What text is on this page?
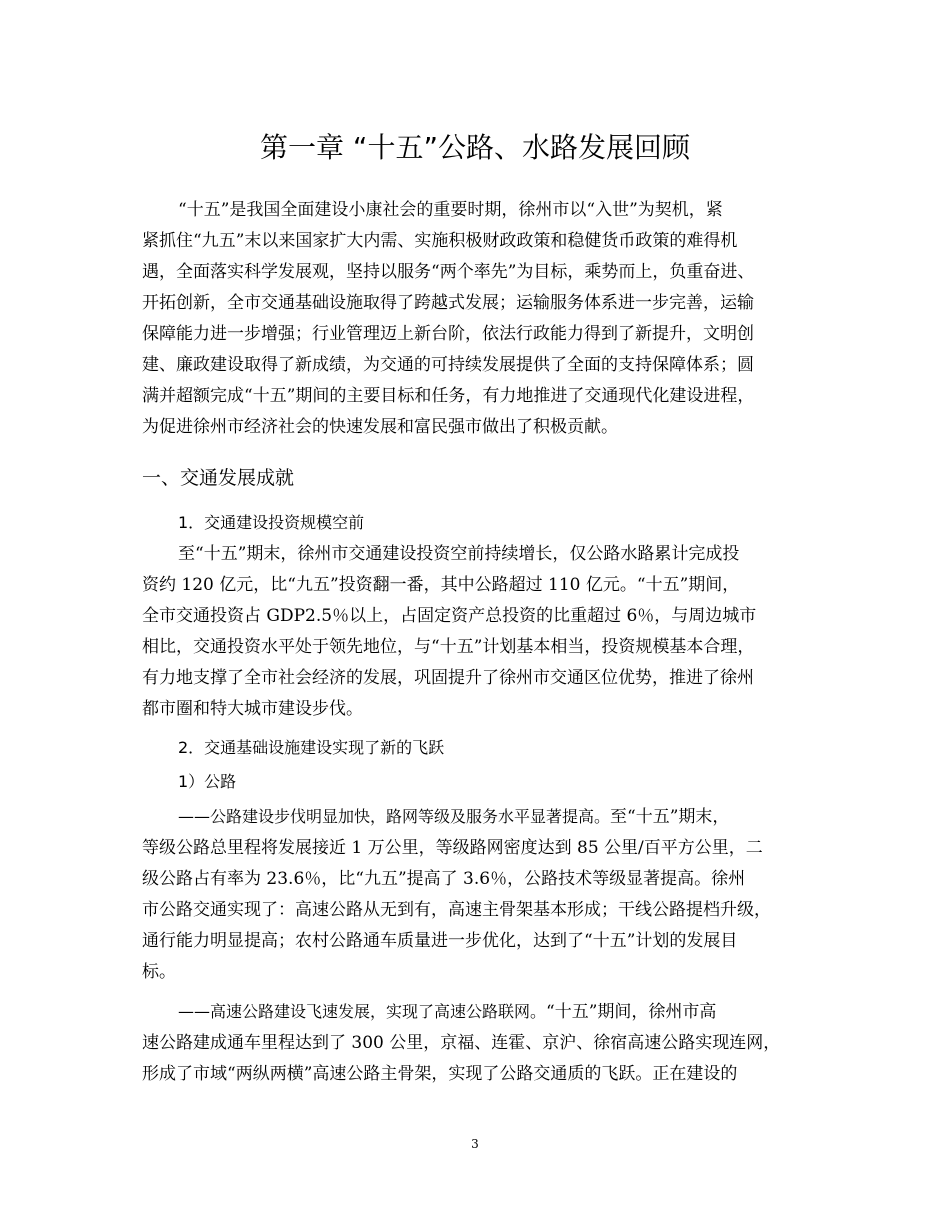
第一章 “十五”公路、水路发展回顾
“十五”是我国全面建设小康社会的重要时期，徐州市以“入世”为契机，紧
紧抓住“九五”末以来国家扩大内需、实施积极财政政策和稳健货币政策的难得机
遇，全面落实科学发展观，坚持以服务“两个率先”为目标，乘势而上，负重奋进、
开拓创新，全市交通基础设施取得了跨越式发展；运输服务体系进一步完善，运输
保障能力进一步增强；行业管理迈上新台阶，依法行政能力得到了新提升，文明创
建、廉政建设取得了新成绩，为交通的可持续发展提供了全面的支持保障体系；圆
满并超额完成“十五”期间的主要目标和任务，有力地推进了交通现代化建设进程，
为促进徐州市经济社会的快速发展和富民强市做出了积极贡献。
一、交通发展成就
1．交通建设投资规模空前
至“十五”期末，徐州市交通建设投资空前持续增长，仅公路水路累计完成投
资约 120 亿元，比“九五”投资翻一番，其中公路超过 110 亿元。“十五”期间，
全市交通投资占 GDP2.5％以上，占固定资产总投资的比重超过 6％，与周边城市
相比，交通投资水平处于领先地位，与“十五”计划基本相当，投资规模基本合理，
有力地支撑了全市社会经济的发展，巩固提升了徐州市交通区位优势，推进了徐州
都市圈和特大城市建设步伐。
2．交通基础设施建设实现了新的飞跃
1）公路
——公路建设步伐明显加快，路网等级及服务水平显著提高。至“十五”期末，
等级公路总里程将发展接近 1 万公里，等级路网密度达到 85 公里/百平方公里，二
级公路占有率为 23.6％，比“九五”提高了 3.6％，公路技术等级显著提高。徐州
市公路交通实现了：高速公路从无到有，高速主骨架基本形成；干线公路提档升级，
通行能力明显提高；农村公路通车质量进一步优化，达到了“十五”计划的发展目
标。
——高速公路建设飞速发展，实现了高速公路联网。“十五”期间，徐州市高
速公路建成通车里程达到了 300 公里，京福、连霍、京沪、徐宿高速公路实现连网，
形成了市域“两纵两横”高速公路主骨架，实现了公路交通质的飞跃。正在建设的
3
